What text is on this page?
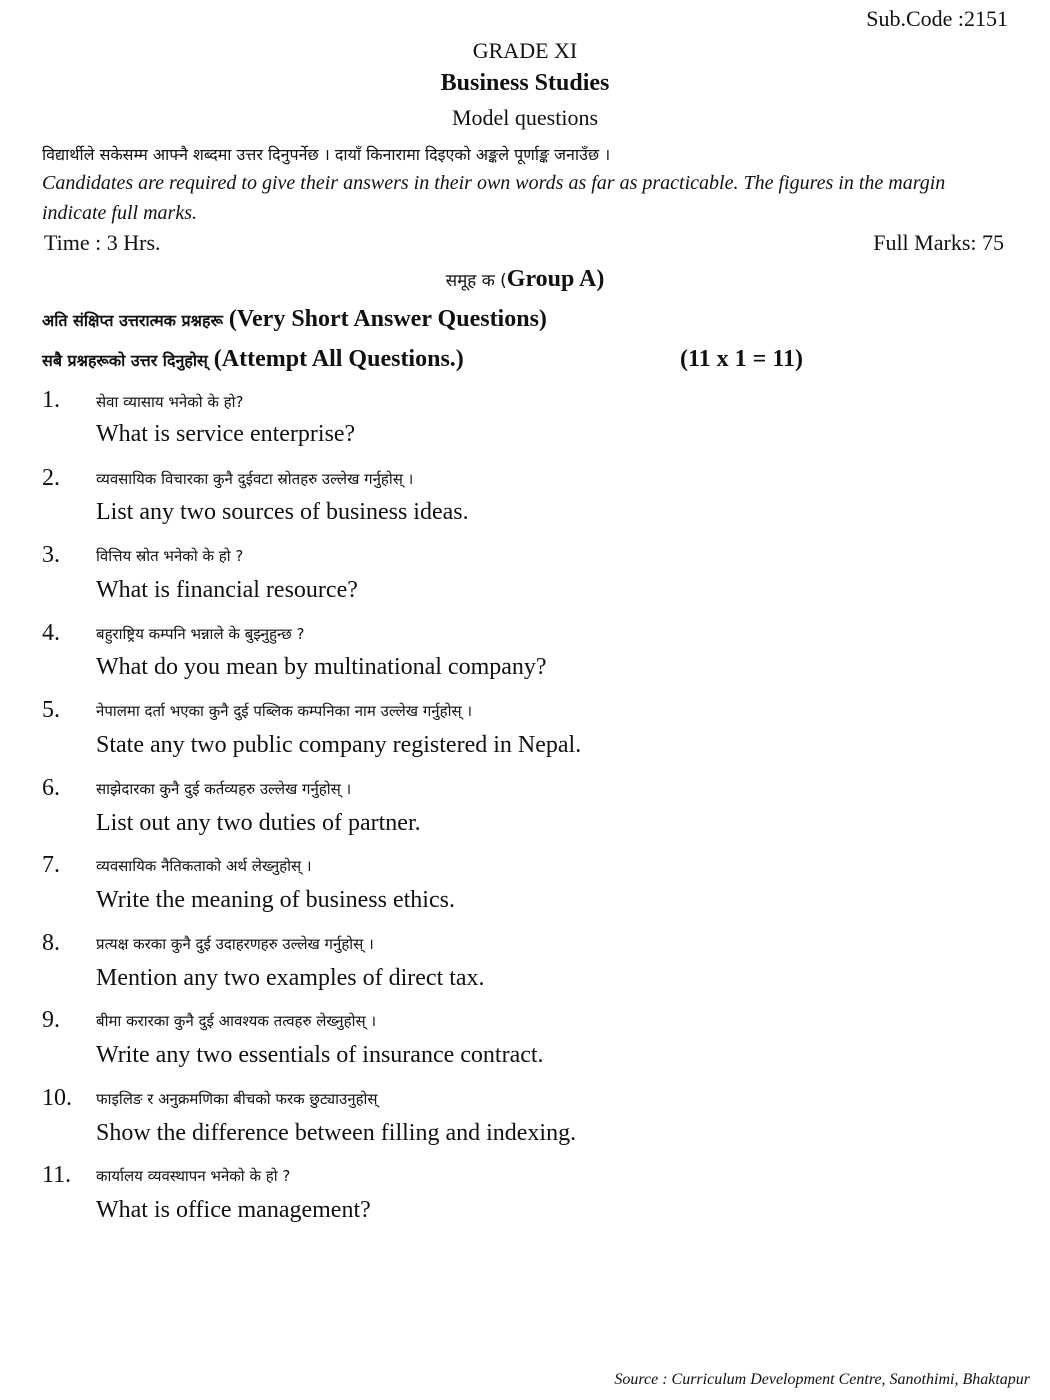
Sub.Code :2151
GRADE XI
Business Studies
Model questions
विद्यार्थीले सकेसम्म आफ्नै शब्दमा उत्तर दिनुपर्नेछ । दायाँ किनारामा दिइएको अङ्कले पूर्णाङ्क जनाउँछ ।
Candidates are required to give their answers in their own words as far as practicable. The figures in the margin indicate full marks.
Time : 3 Hrs.	Full Marks: 75
समूह क (Group A)
अति संक्षिप्त उत्तरात्मक प्रश्नहरू (Very Short Answer Questions)
सबै प्रश्नहरूको उत्तर दिनुहोस् (Attempt All Questions.)	(11 x 1 = 11)
1. सेवा व्यासाय भनेको के हो?
What is service enterprise?
2. व्यवसायिक विचारका कुनै दुईवटा स्रोतहरु उल्लेख गर्नुहोस् ।
List any two sources of business ideas.
3. वित्तिय स्रोत भनेको के हो ?
What is financial resource?
4. बहुराष्ट्रिय कम्पनि भन्नाले के बुझ्नुहुन्छ ?
What do you mean by multinational company?
5. नेपालमा दर्ता भएका कुनै दुई पब्लिक कम्पनिका नाम उल्लेख गर्नुहोस् ।
State any two public company registered in Nepal.
6. साझेदारका कुनै दुई कर्तव्यहरु उल्लेख गर्नुहोस् ।
List out any two duties of partner.
7. व्यवसायिक नैतिकताको अर्थ लेख्नुहोस् ।
Write the meaning of business ethics.
8. प्रत्यक्ष करका कुनै दुई उदाहरणहरु उल्लेख गर्नुहोस् ।
Mention any two examples of direct tax.
9. बीमा करारका कुनै दुई आवश्यक तत्वहरु लेख्नुहोस् ।
Write any two essentials of insurance contract.
10. फाइलिङ र अनुक्रमणिका बीचको फरक छुट्याउनुहोस्
Show the difference between filling and indexing.
11. कार्यालय व्यवस्थापन भनेको के हो ?
What is office management?
Source : Curriculum Development Centre, Sanothimi, Bhaktapur
